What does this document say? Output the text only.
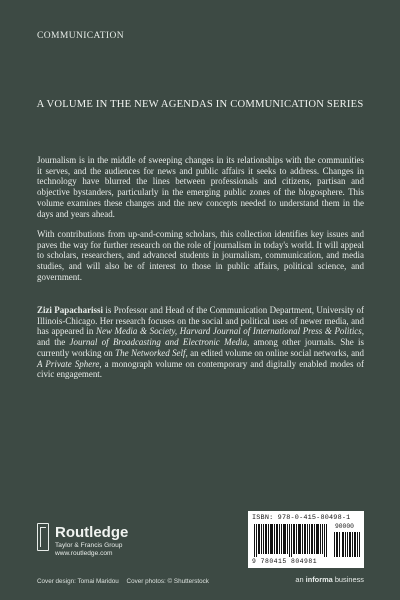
COMMUNICATION
A VOLUME IN THE NEW AGENDAS IN COMMUNICATION SERIES

Journalism is in the middle of sweeping changes in its relationships with the communities it serves, and the audiences for news and public affairs it seeks to address. Changes in technology have blurred the lines between professionals and citizens, partisan and objective bystanders, particularly in the emerging public zones of the blogosphere. This volume examines these changes and the new concepts needed to understand them in the days and years ahead.

With contributions from up-and-coming scholars, this collection identifies key issues and paves the way for further research on the role of journalism in today's world. It will appeal to scholars, researchers, and advanced students in journalism, communication, and media studies, and will also be of interest to those in public affairs, political science, and government.

Zizi Papacharissi is Professor and Head of the Communication Department, University of Illinois-Chicago. Her research focuses on the social and political uses of newer media, and has appeared in New Media & Society, Harvard Journal of International Press & Politics, and the Journal of Broadcasting and Electronic Media, among other journals. She is currently working on The Networked Self, an edited volume on online social networks, and A Private Sphere, a monograph volume on contemporary and digitally enabled modes of civic engagement.

Routledge
Taylor & Francis Group
www.routledge.com
Cover design: Tomai Maridou Cover photos: © Shutterstock
ISBN: 978-0-415-80498-1
90000
9 780415 804981
an informa business
